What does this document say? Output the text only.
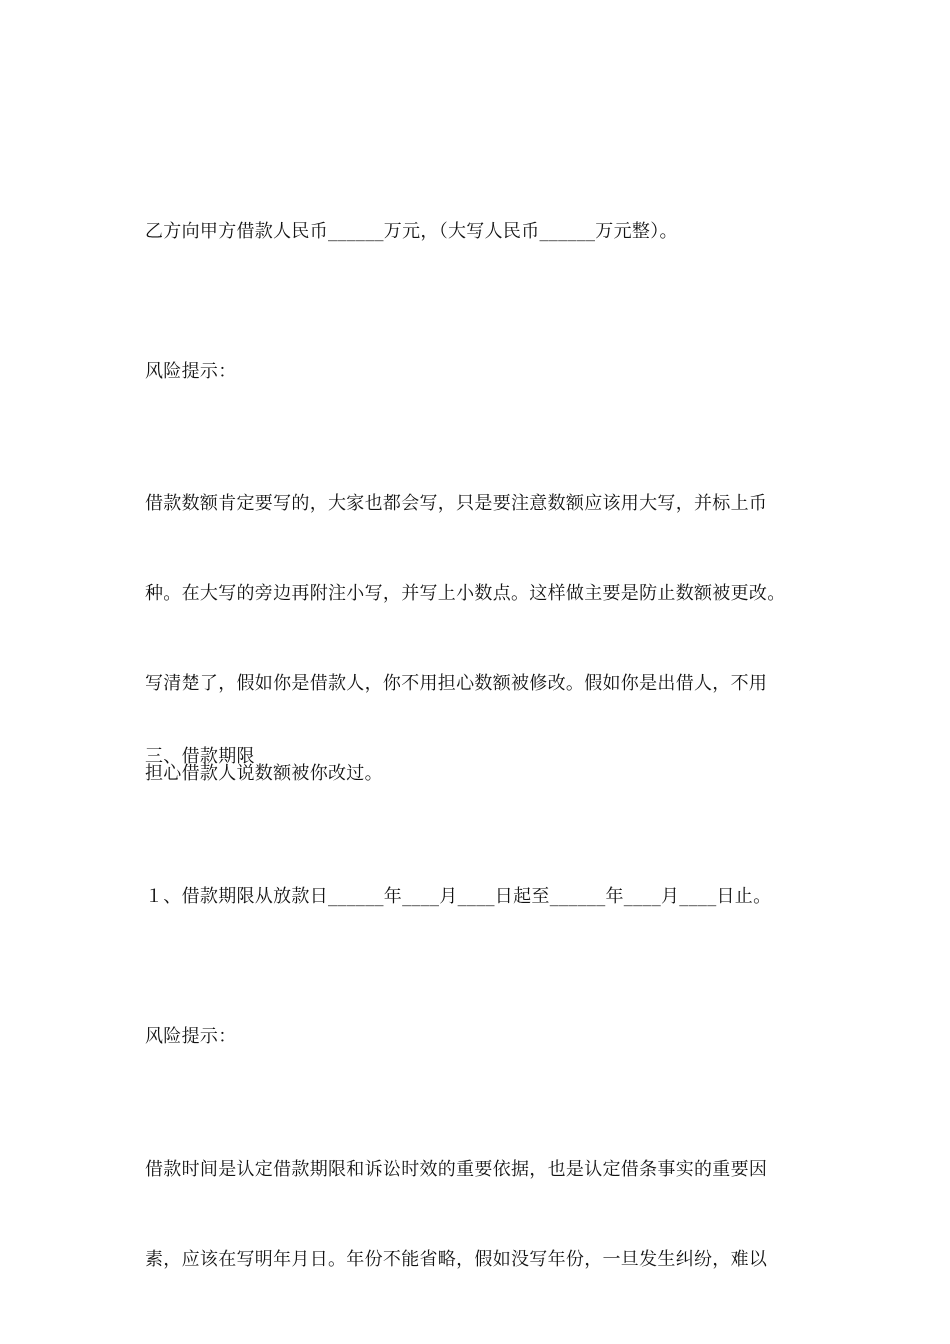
乙方向甲方借款人民币______万元，（大写人民币______万元整）。

风险提示：

借款数额肯定要写的，大家也都会写，只是要注意数额应该用大写，并标上币

种。在大写的旁边再附注小写，并写上小数点。这样做主要是防止数额被更改。

写清楚了，假如你是借款人，你不用担心数额被修改。假如你是出借人，不用

担心借款人说数额被你改过。

三、借款期限

１、借款期限从放款日______年____月____日起至______年____月____日止。

风险提示：

借款时间是认定借款期限和诉讼时效的重要依据，也是认定借条事实的重要因

素，应该在写明年月日。年份不能省略，假如没写年份，一旦发生纠纷，难以
